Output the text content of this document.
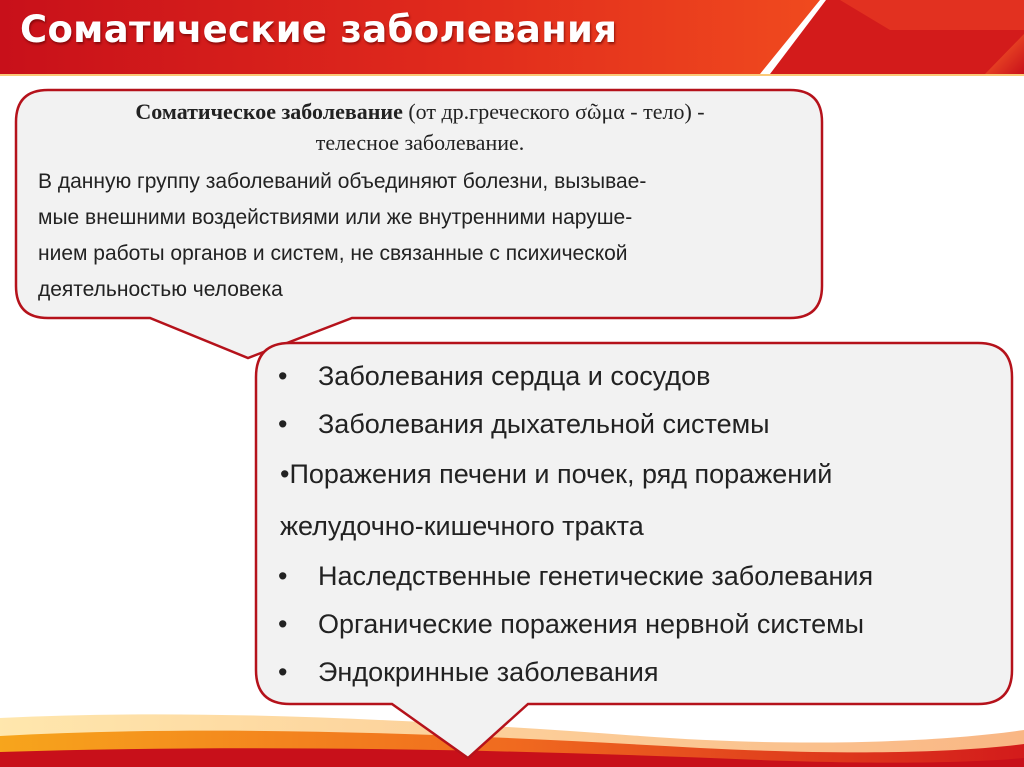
Соматические заболевания

Соматическое заболевание (от др.греческого σῶμα - тело) -
телесное заболевание.

В данную группу заболеваний объединяют болезни, вызывае-
мые внешними воздействиями или же внутренними наруше-
нием работы органов и систем, не связанные с психической
деятельностью человека

• Заболевания сердца и сосудов
• Заболевания дыхательной системы
•Поражения печени и почек, ряд поражений
желудочно-кишечного тракта
• Наследственные генетические заболевания
• Органические поражения нервной системы
• Эндокринные заболевания
